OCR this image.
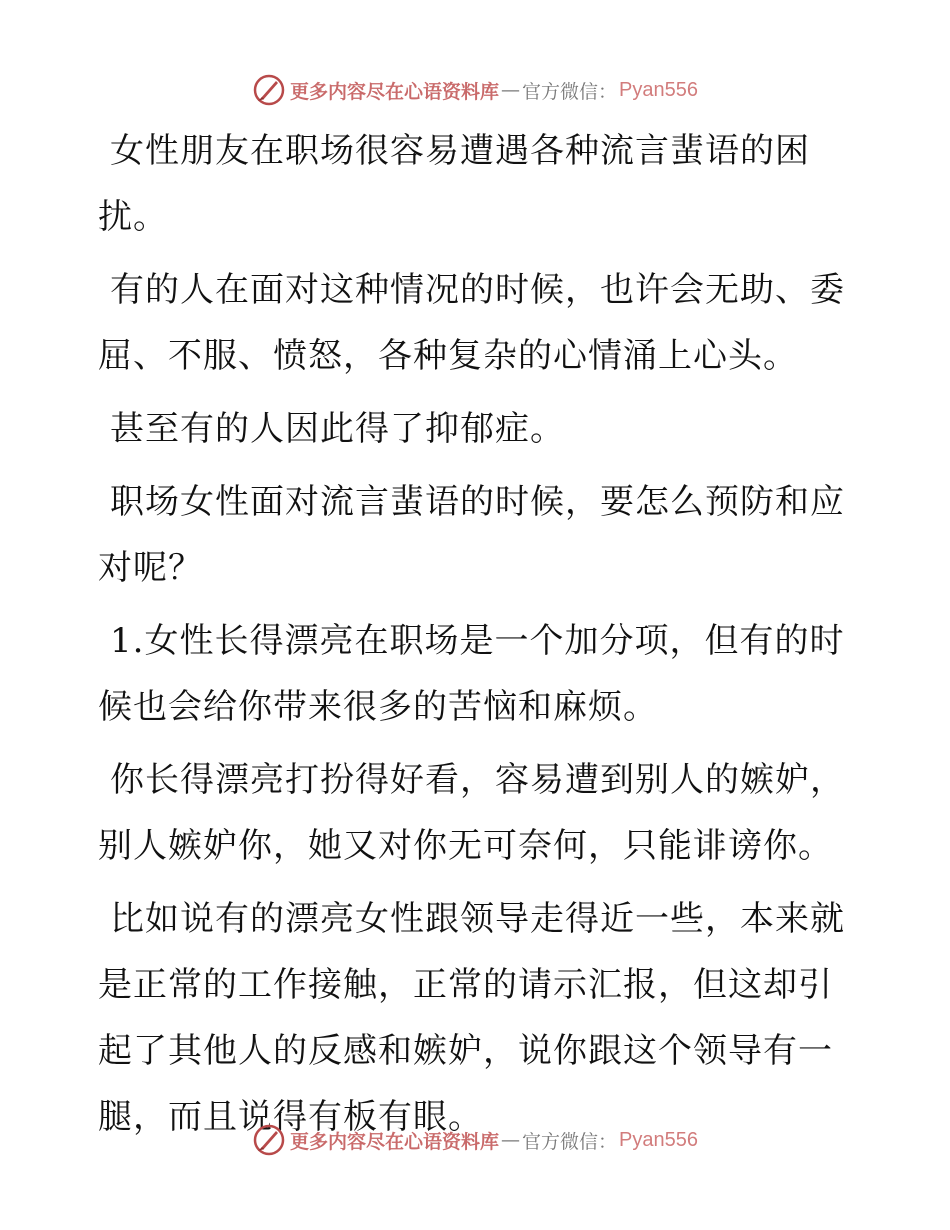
更多内容尽在心语资料库 — 官方微信： Pyan556

女性朋友在职场很容易遭遇各种流言蜚语的困扰。

有的人在面对这种情况的时候，也许会无助、委屈、不服、愤怒，各种复杂的心情涌上心头。

甚至有的人因此得了抑郁症。

职场女性面对流言蜚语的时候，要怎么预防和应对呢？

1.女性长得漂亮在职场是一个加分项，但有的时候也会给你带来很多的苦恼和麻烦。

你长得漂亮打扮得好看，容易遭到别人的嫉妒，别人嫉妒你，她又对你无可奈何，只能诽谤你。

比如说有的漂亮女性跟领导走得近一些，本来就是正常的工作接触，正常的请示汇报，但这却引起了其他人的反感和嫉妒，说你跟这个领导有一腿，而且说得有板有眼。

更多内容尽在心语资料库 — 官方微信： Pyan556
